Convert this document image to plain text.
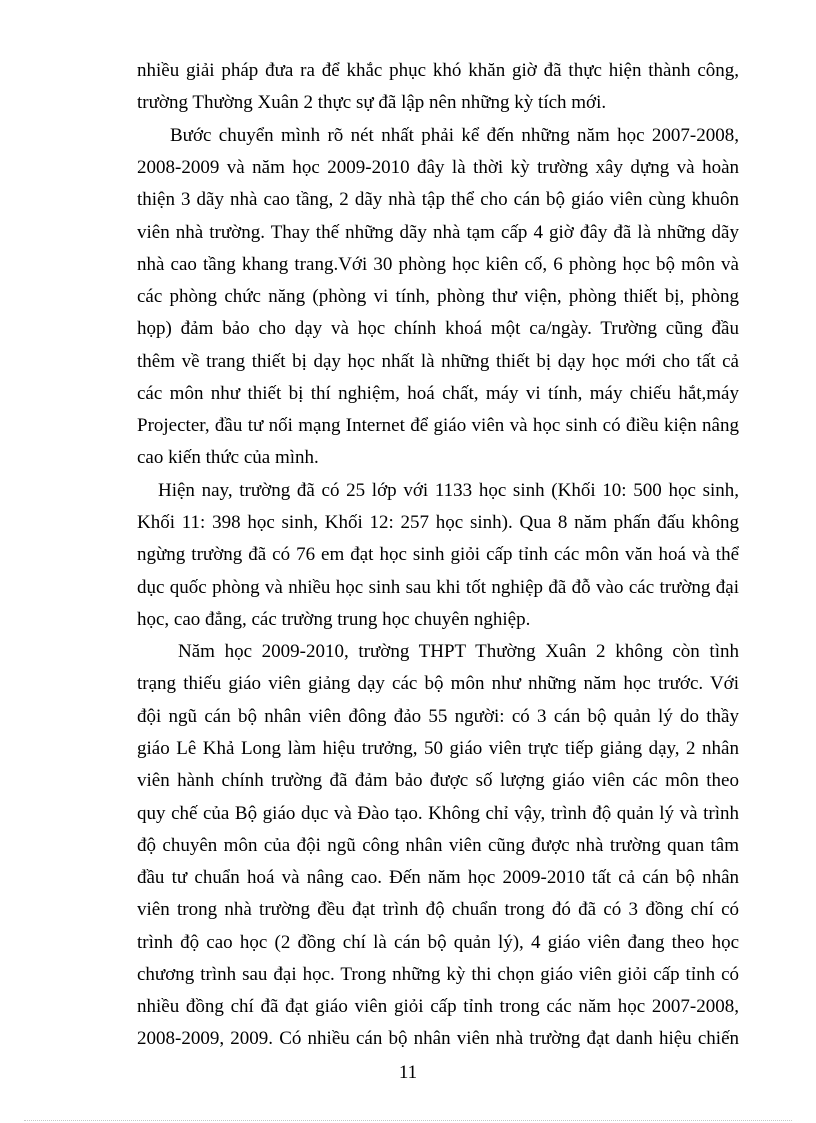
nhiều giải pháp đưa ra để khắc phục khó khăn giờ đã thực hiện thành công,
trường Thường Xuân 2 thực sự đã lập nên những kỳ tích mới.
Bước chuyển mình rõ nét nhất phải kể đến những năm học 2007-2008,
2008-2009 và năm học 2009-2010 đây là thời kỳ trường xây dựng và hoàn
thiện 3 dãy nhà cao tầng, 2 dãy nhà tập thể cho cán bộ giáo viên cùng khuôn
viên nhà trường. Thay thế những dãy nhà tạm cấp 4 giờ đây đã là những dãy
nhà cao tầng khang trang.Với 30 phòng học kiên cố, 6 phòng học bộ môn và
các phòng chức năng (phòng vi tính, phòng thư viện, phòng thiết bị, phòng
họp) đảm bảo cho dạy và học chính khoá một ca/ngày. Trường cũng đầu
thêm về trang thiết bị dạy học nhất là những thiết bị dạy học mới cho tất cả
các môn như thiết bị thí nghiệm, hoá chất, máy vi tính, máy chiếu hắt,máy
Projecter, đầu tư nối mạng Internet để giáo viên và học sinh có điều kiện nâng
cao kiến thức của mình.
Hiện nay, trường đã có 25 lớp với 1133 học sinh (Khối 10: 500 học sinh,
Khối 11: 398 học sinh, Khối 12: 257 học sinh). Qua 8 năm phấn đấu không
ngừng trường đã có 76 em đạt học sinh giỏi cấp tỉnh các môn văn hoá và thể
dục quốc phòng và nhiều học sinh sau khi tốt nghiệp đã đỗ vào các trường đại
học, cao đẳng, các trường trung học chuyên nghiệp.
Năm học 2009-2010, trường THPT Thường Xuân 2 không còn tình
trạng thiếu giáo viên giảng dạy các bộ môn như những năm học trước. Với
đội ngũ cán bộ nhân viên đông đảo 55 người: có 3 cán bộ quản lý do thầy
giáo Lê Khả Long làm hiệu trưởng, 50 giáo viên trực tiếp giảng dạy, 2 nhân
viên hành chính trường đã đảm bảo được số lượng giáo viên các môn theo
quy chế của Bộ giáo dục và Đào tạo. Không chỉ vậy, trình độ quản lý và trình
độ chuyên môn của đội ngũ công nhân viên cũng được nhà trường quan tâm
đầu tư chuẩn hoá và nâng cao. Đến năm học 2009-2010 tất cả cán bộ nhân
viên trong nhà trường đều đạt trình độ chuẩn trong đó đã có 3 đồng chí có
trình độ cao học (2 đồng chí là cán bộ quản lý), 4 giáo viên đang theo học
chương trình sau đại học. Trong những kỳ thi chọn giáo viên giỏi cấp tỉnh có
nhiều đồng chí đã đạt giáo viên giỏi cấp tỉnh trong các năm học 2007-2008,
2008-2009, 2009. Có nhiều cán bộ nhân viên nhà trường đạt danh hiệu chiến
11
